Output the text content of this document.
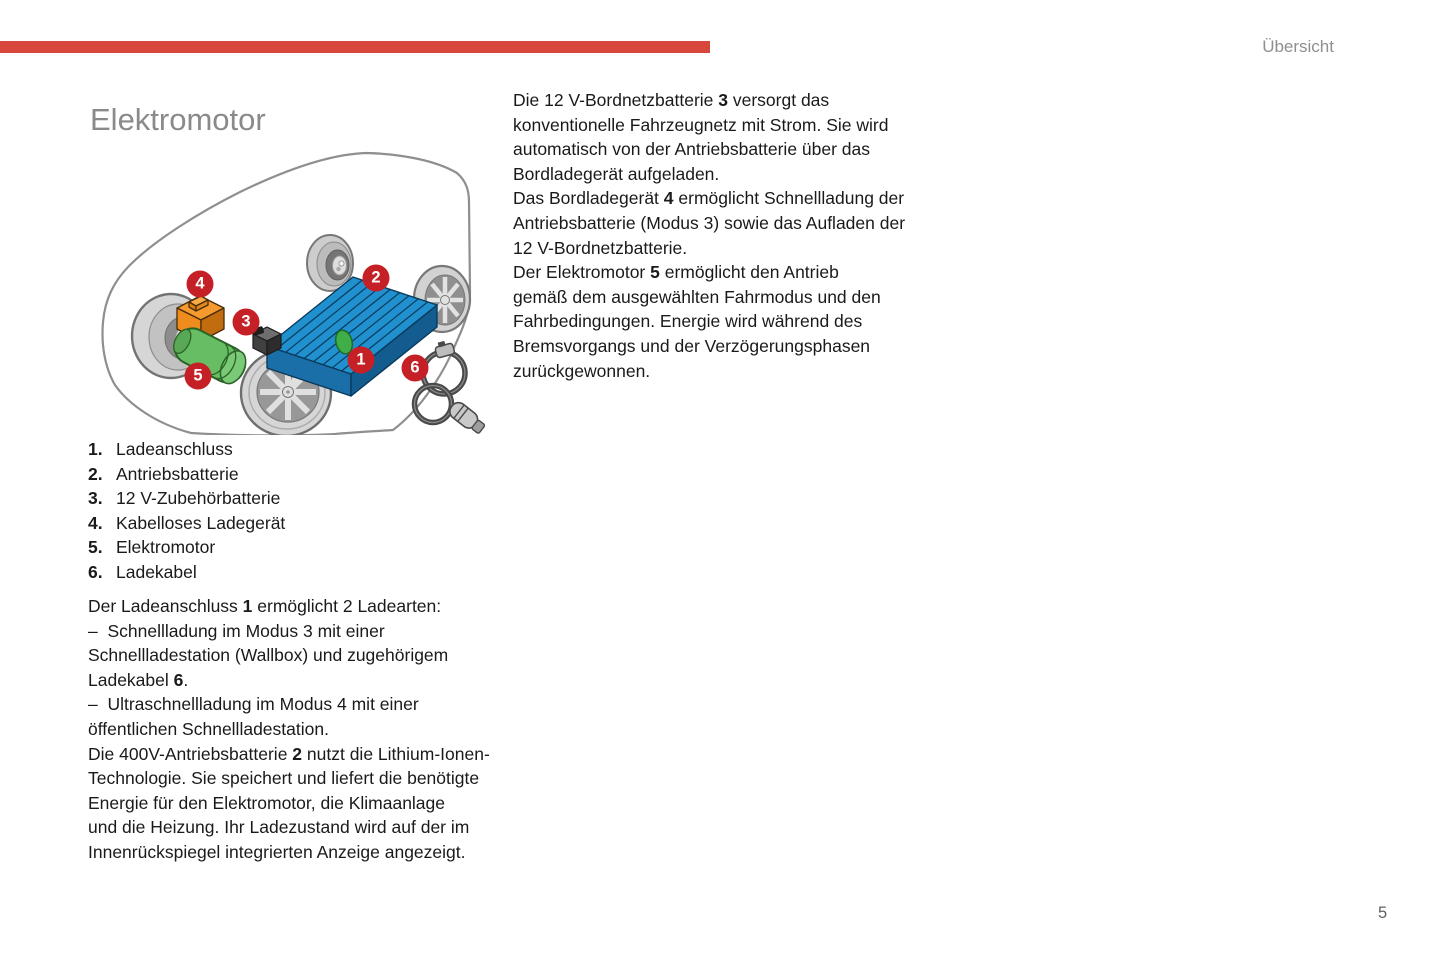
Übersicht
Elektromotor
1
2
3
4
5	6
1. Ladeanschluss
2. Antriebsbatterie
3. 12 V-Zubehörbatterie
4. Kabelloses Ladegerät
5. Elektromotor
6. Ladekabel
Der Ladeanschluss 1 ermöglicht 2 Ladearten:
–  Schnellladung im Modus 3 mit einer
Schnellladestation (Wallbox) und zugehörigem
Ladekabel 6.
–  Ultraschnellladung im Modus 4 mit einer
öffentlichen Schnellladestation.
Die 400V-Antriebsbatterie 2 nutzt die Lithium-Ionen-
Technologie. Sie speichert und liefert die benötigte
Energie für den Elektromotor, die Klimaanlage
und die Heizung. Ihr Ladezustand wird auf der im
Innenrückspiegel integrierten Anzeige angezeigt.
Die 12 V-Bordnetzbatterie 3 versorgt das
konventionelle Fahrzeugnetz mit Strom. Sie wird
automatisch von der Antriebsbatterie über das
Bordladegerät aufgeladen.
Das Bordladegerät 4 ermöglicht Schnellladung der
Antriebsbatterie (Modus 3) sowie das Aufladen der
12 V-Bordnetzbatterie.
Der Elektromotor 5 ermöglicht den Antrieb
gemäß dem ausgewählten Fahrmodus und den
Fahrbedingungen. Energie wird während des
Bremsvorgangs und der Verzögerungsphasen
zurückgewonnen.
5
